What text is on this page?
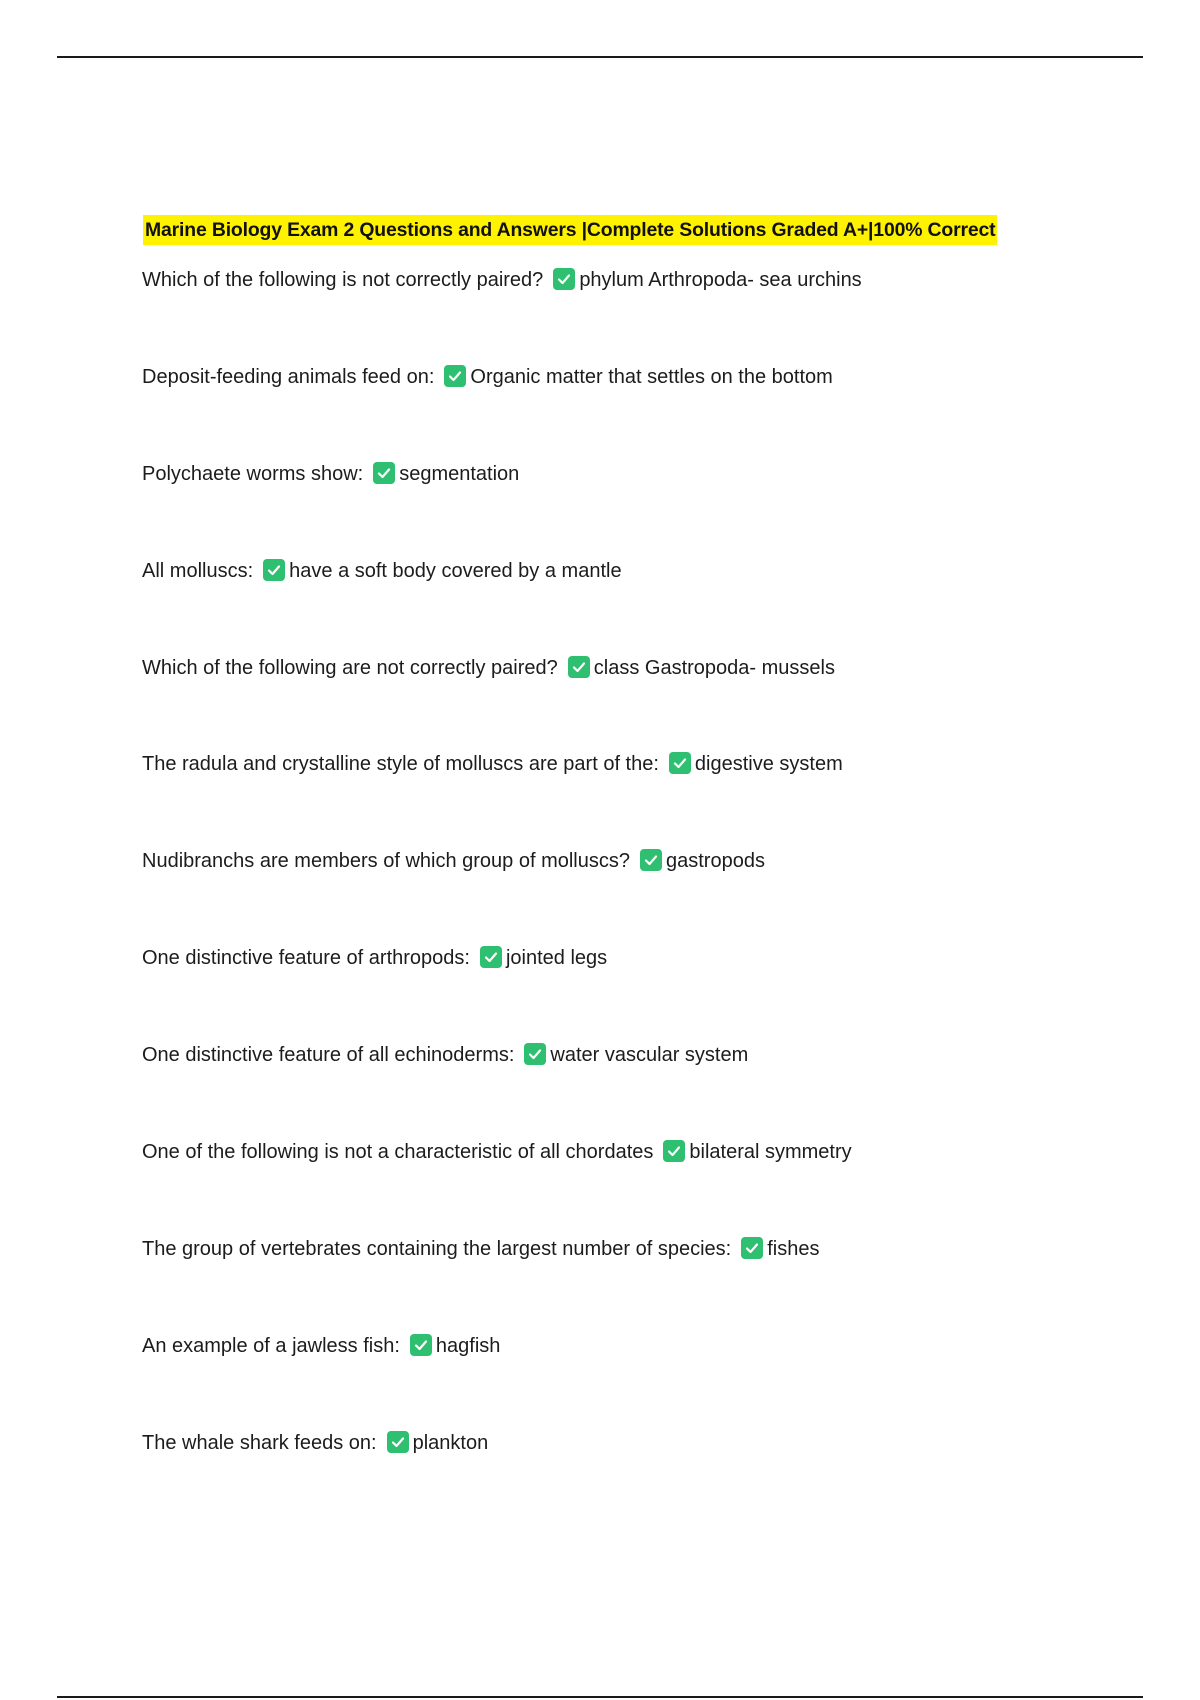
Marine Biology Exam 2 Questions and Answers |Complete Solutions Graded A+|100% Correct
Which of the following is not correctly paired? phylum Arthropoda- sea urchins
Deposit-feeding animals feed on: Organic matter that settles on the bottom
Polychaete worms show: segmentation
All molluscs: have a soft body covered by a mantle
Which of the following are not correctly paired? class Gastropoda- mussels
The radula and crystalline style of molluscs are part of the: digestive system
Nudibranchs are members of which group of molluscs? gastropods
One distinctive feature of arthropods: jointed legs
One distinctive feature of all echinoderms: water vascular system
One of the following is not a characteristic of all chordates bilateral symmetry
The group of vertebrates containing the largest number of species: fishes
An example of a jawless fish: hagfish
The whale shark feeds on: plankton
